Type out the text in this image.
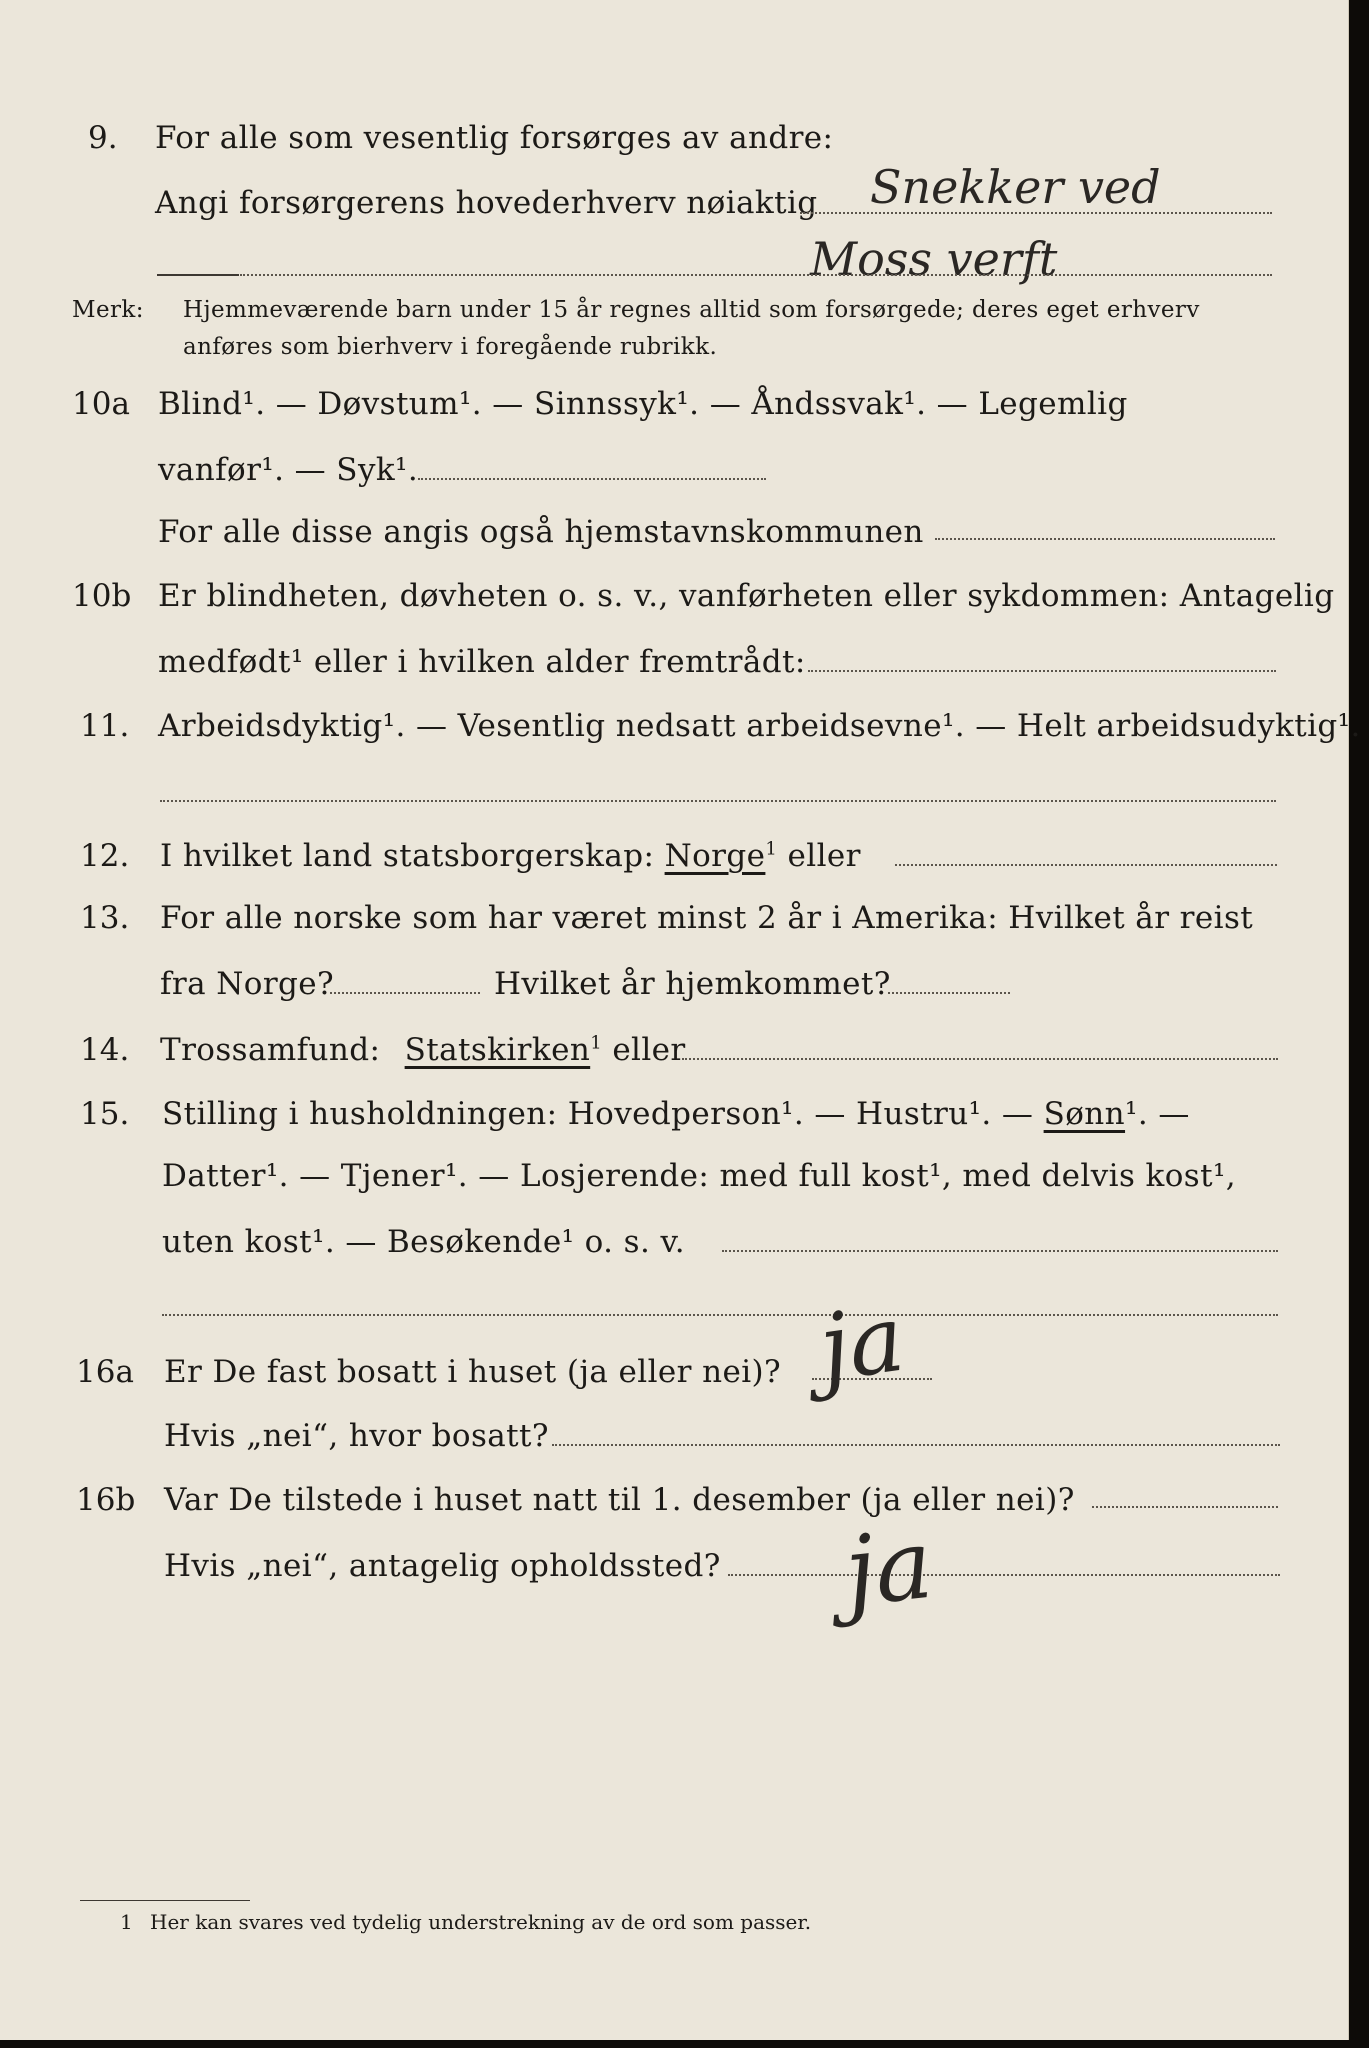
9. For alle som vesentlig forsørges av andre:
Snekker ved
Angi forsørgerens hovederhverv nøiaktig
Moss verft
Merk: Hjemmeværende barn under 15 år regnes alltid som forsørgede; deres eget erhverv
anføres som bierhverv i foregående rubrikk.
10a Blind¹. — Døvstum¹. — Sinnssyk¹. — Åndssvak¹. — Legemlig
vanfør¹. — Syk¹.
For alle disse angis også hjemstavnskommunen
10b Er blindheten, døvheten o. s. v., vanførheten eller sykdommen: Antagelig
medfødt¹ eller i hvilken alder fremtrådt:
11. Arbeidsdyktig¹. — Vesentlig nedsatt arbeidsevne¹. — Helt arbeidsudyktig¹.
12. I hvilket land statsborgerskap: Norge$^1$ eller
13. For alle norske som har været minst 2 år i Amerika: Hvilket år reist
fra Norge?	Hvilket år hjemkommet?
14. Trossamfund: Statskirken$^1$ eller
15. Stilling i husholdningen: Hovedperson¹. — Hustru¹. — Sønn¹. —
Datter¹. — Tjener¹. — Losjerende: med full kost¹, med delvis kost¹,
uten kost¹. — Besøkende¹ o. s. v.
16a Er De fast bosatt i huset (ja eller nei)? ja
Hvis „nei“, hvor bosatt?
16b Var De tilstede i huset natt til 1. desember (ja eller nei)?
Hvis „nei“, antagelig opholdssted? ja
1 Her kan svares ved tydelig understrekning av de ord som passer.
